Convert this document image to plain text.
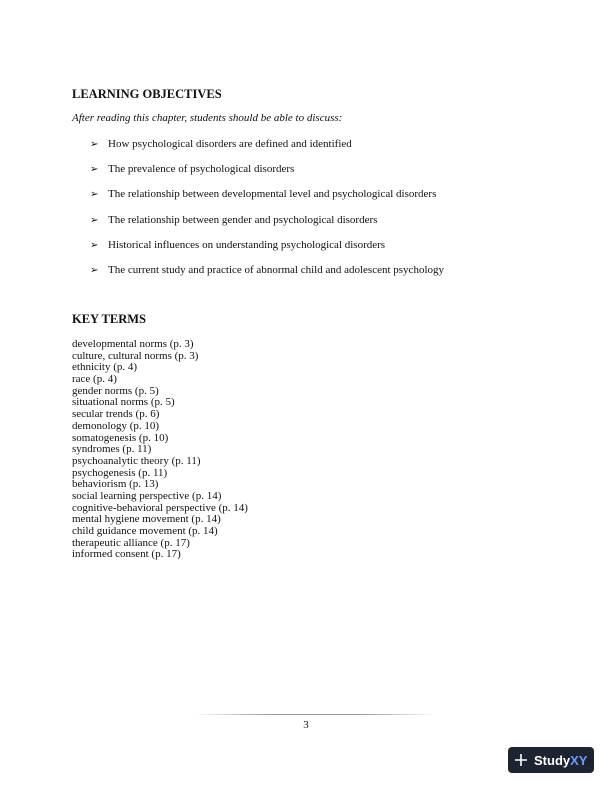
LEARNING OBJECTIVES

After reading this chapter, students should be able to discuss:

➢ How psychological disorders are defined and identified
➢ The prevalence of psychological disorders
➢ The relationship between developmental level and psychological disorders
➢ The relationship between gender and psychological disorders
➢ Historical influences on understanding psychological disorders
➢ The current study and practice of abnormal child and adolescent psychology
KEY TERMS
developmental norms (p. 3)
culture, cultural norms (p. 3)
ethnicity (p. 4)
race (p. 4)
gender norms (p. 5)
situational norms (p. 5)
secular trends (p. 6)
demonology (p. 10)
somatogenesis (p. 10)
syndromes (p. 11)
psychoanalytic theory (p. 11)
psychogenesis (p. 11)
behaviorism (p. 13)
social learning perspective (p. 14)
cognitive-behavioral perspective (p. 14)
mental hygiene movement (p. 14)
child guidance movement (p. 14)
therapeutic alliance (p. 17)
informed consent (p. 17)
3
Study XY
